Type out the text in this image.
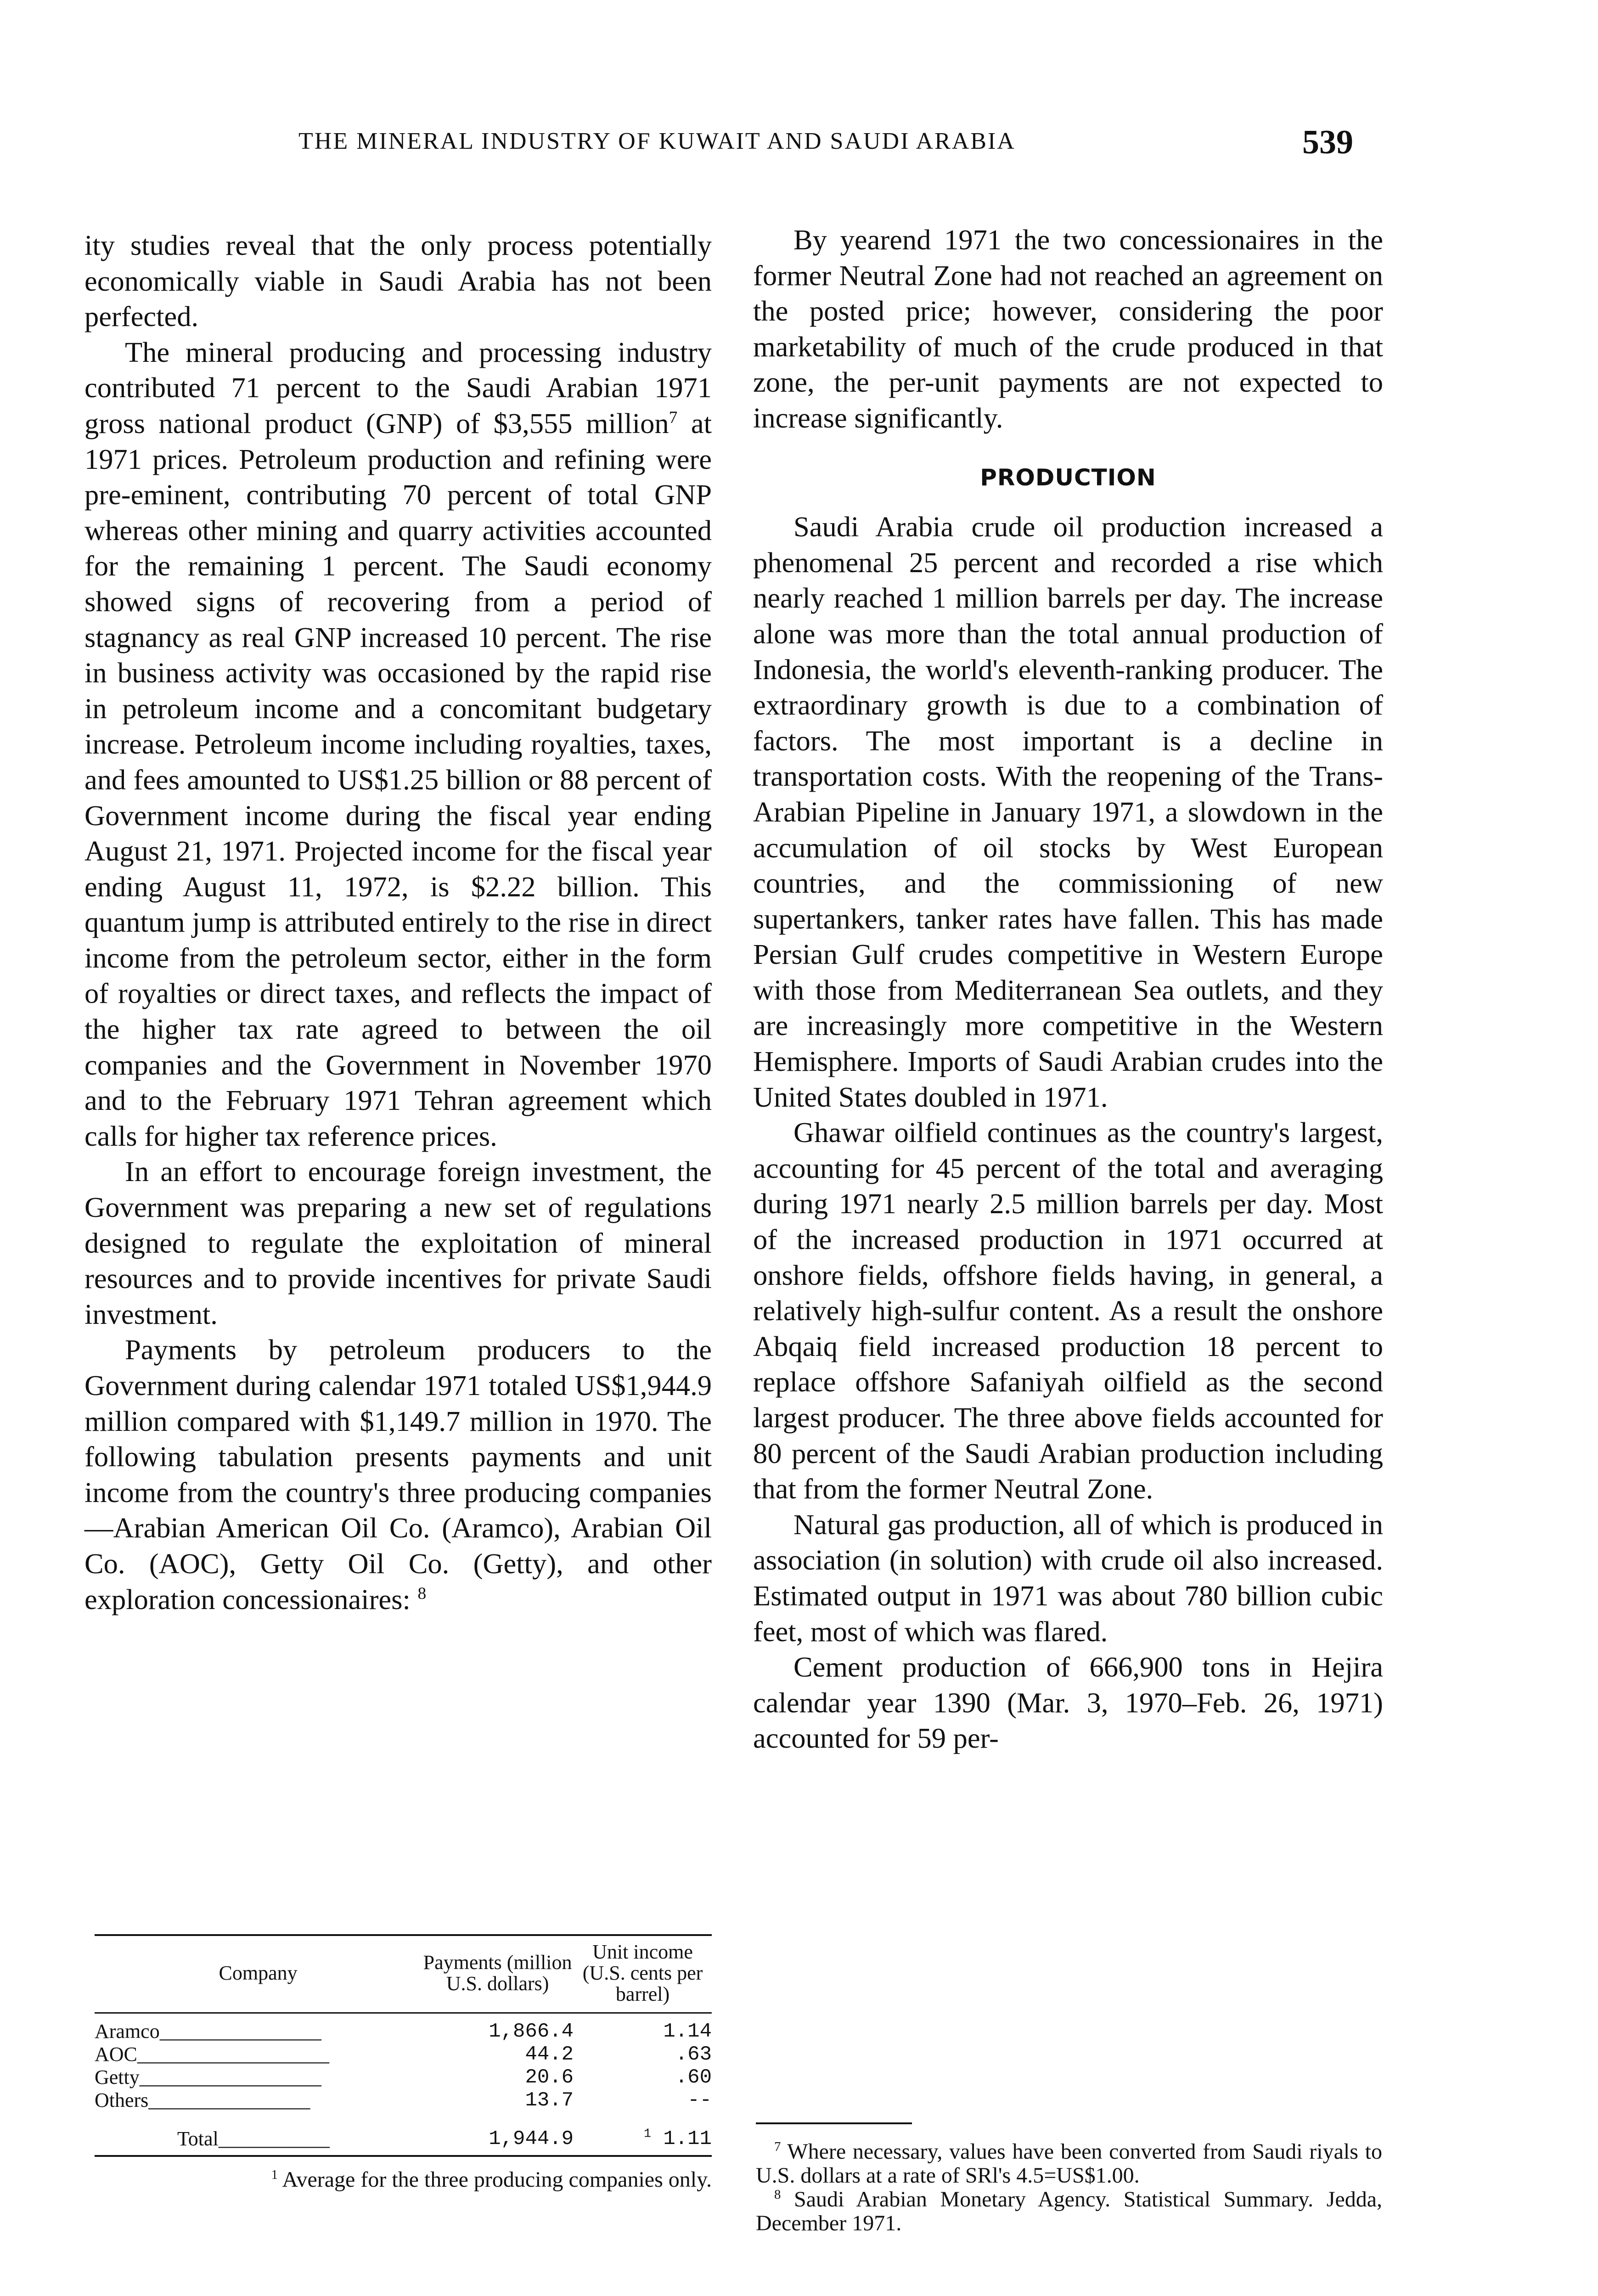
THE MINERAL INDUSTRY OF KUWAIT AND SAUDI ARABIA	539

ity studies reveal that the only process potentially economically viable in Saudi Arabia has not been perfected.

The mineral producing and processing industry contributed 71 percent to the Saudi Arabian 1971 gross national product (GNP) of $3,555 million$^7$ at 1971 prices. Petroleum production and refining were pre-eminent, contributing 70 percent of total GNP whereas other mining and quarry activities accounted for the remaining 1 percent. The Saudi economy showed signs of recovering from a period of stagnancy as real GNP increased 10 percent. The rise in business activity was occasioned by the rapid rise in petroleum income and a concomitant budgetary increase. Petroleum income including royalties, taxes, and fees amounted to US$1.25 billion or 88 percent of Government income during the fiscal year ending August 21, 1971. Projected income for the fiscal year ending August 11, 1972, is $2.22 billion. This quantum jump is attributed entirely to the rise in direct income from the petroleum sector, either in the form of royalties or direct taxes, and reflects the impact of the higher tax rate agreed to between the oil companies and the Government in November 1970 and to the February 1971 Tehran agreement which calls for higher tax reference prices.

In an effort to encourage foreign investment, the Government was preparing a new set of regulations designed to regulate the exploitation of mineral resources and to provide incentives for private Saudi investment.

Payments by petroleum producers to the Government during calendar 1971 totaled US$1,944.9 million compared with $1,149.7 million in 1970. The following tabulation presents payments and unit income from the country's three producing companies—Arabian American Oil Co. (Aramco), Arabian Oil Co. (AOC), Getty Oil Co. (Getty), and other exploration concessionaires: $^8$

Company	Payments (million U.S. dollars)	Unit income (U.S. cents per barrel)
Aramco________________	1,866.4	1.14
AOC___________________	44.2	.63
Getty__________________	20.6	.60
Others________________	13.7	--
Total___________	1,944.9	$^1$ 1.11
$^1$ Average for the three producing companies only.

By yearend 1971 the two concessionaires in the former Neutral Zone had not reached an agreement on the posted price; however, considering the poor marketability of much of the crude produced in that zone, the per-unit payments are not expected to increase significantly.

PRODUCTION

Saudi Arabia crude oil production increased a phenomenal 25 percent and recorded a rise which nearly reached 1 million barrels per day. The increase alone was more than the total annual production of Indonesia, the world's eleventh-ranking producer. The extraordinary growth is due to a combination of factors. The most important is a decline in transportation costs. With the reopening of the Trans-Arabian Pipeline in January 1971, a slowdown in the accumulation of oil stocks by West European countries, and the commissioning of new supertankers, tanker rates have fallen. This has made Persian Gulf crudes competitive in Western Europe with those from Mediterranean Sea outlets, and they are increasingly more competitive in the Western Hemisphere. Imports of Saudi Arabian crudes into the United States doubled in 1971.

Ghawar oilfield continues as the country's largest, accounting for 45 percent of the total and averaging during 1971 nearly 2.5 million barrels per day. Most of the increased production in 1971 occurred at onshore fields, offshore fields having, in general, a relatively high-sulfur content. As a result the onshore Abqaiq field increased production 18 percent to replace offshore Safaniyah oilfield as the second largest producer. The three above fields accounted for 80 percent of the Saudi Arabian production including that from the former Neutral Zone.

Natural gas production, all of which is produced in association (in solution) with crude oil also increased. Estimated output in 1971 was about 780 billion cubic feet, most of which was flared.

Cement production of 666,900 tons in Hejira calendar year 1390 (Mar. 3, 1970–Feb. 26, 1971) accounted for 59 per-

$^7$ Where necessary, values have been converted from Saudi riyals to U.S. dollars at a rate of SRl's 4.5=US$1.00.

$^8$ Saudi Arabian Monetary Agency. Statistical Summary. Jedda, December 1971.
